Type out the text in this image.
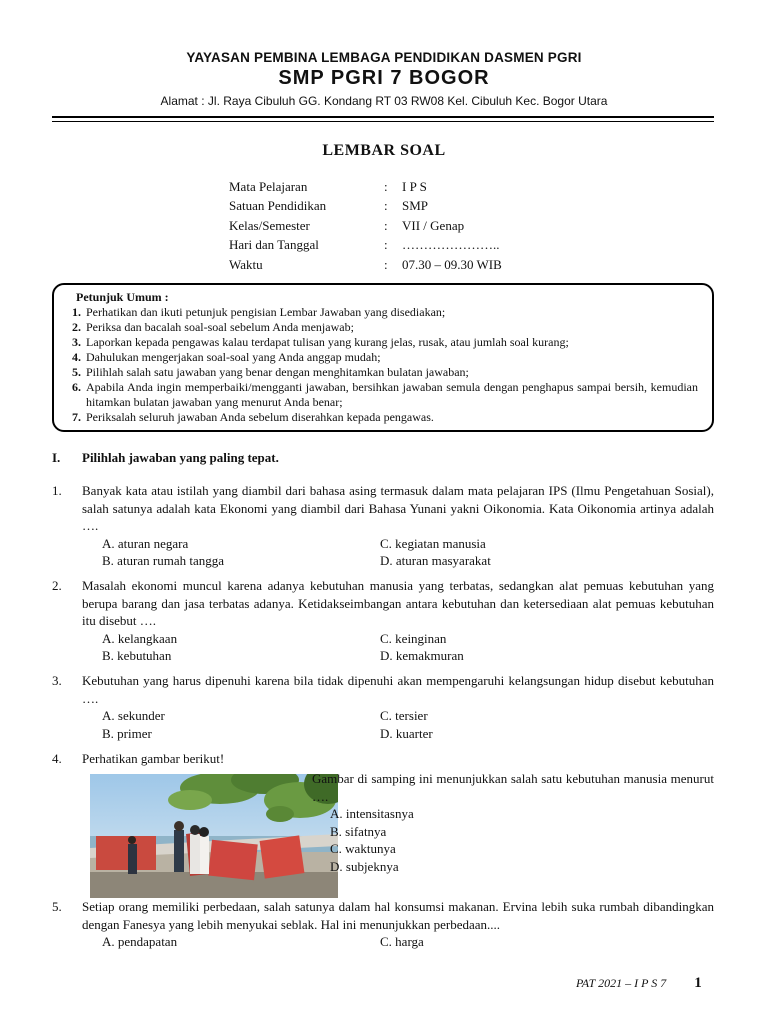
YAYASAN PEMBINA LEMBAGA PENDIDIKAN DASMEN PGRI
SMP PGRI 7 BOGOR
Alamat : Jl. Raya Cibuluh GG. Kondang RT 03 RW08 Kel. Cibuluh Kec. Bogor Utara
LEMBAR SOAL
Mata Pelajaran	:	I P S
Satuan Pendidikan	:	SMP
Kelas/Semester	:	VII / Genap
Hari dan Tanggal	:	…………………..
Waktu	:	07.30 – 09.30 WIB
Petunjuk Umum :
1. Perhatikan dan ikuti petunjuk pengisian Lembar Jawaban yang disediakan;
2. Periksa dan bacalah soal-soal sebelum Anda menjawab;
3. Laporkan kepada pengawas kalau terdapat tulisan yang kurang jelas, rusak, atau jumlah soal kurang;
4. Dahulukan mengerjakan soal-soal yang Anda anggap mudah;
5. Pilihlah salah satu jawaban yang benar dengan menghitamkan bulatan jawaban;
6. Apabila Anda ingin memperbaiki/mengganti jawaban, bersihkan jawaban semula dengan penghapus sampai bersih, kemudian hitamkan bulatan jawaban yang menurut Anda benar;
7. Periksalah seluruh jawaban Anda sebelum diserahkan kepada pengawas.
I.	Pilihlah jawaban yang paling tepat.
1.	Banyak kata atau istilah yang diambil dari bahasa asing termasuk dalam mata pelajaran IPS (Ilmu Pengetahuan Sosial), salah satunya adalah kata Ekonomi yang diambil dari Bahasa Yunani yakni Oikonomia. Kata Oikonomia artinya adalah ….
A. aturan negara	C. kegiatan manusia
B. aturan rumah tangga	D. aturan masyarakat
2.	Masalah ekonomi muncul karena adanya kebutuhan manusia yang terbatas, sedangkan alat pemuas kebutuhan yang berupa barang dan jasa terbatas adanya. Ketidakseimbangan antara kebutuhan dan ketersediaan alat pemuas kebutuhan itu disebut ….
A. kelangkaan	C. keinginan
B. kebutuhan	D. kemakmuran
3.	Kebutuhan yang harus dipenuhi karena bila tidak dipenuhi akan mempengaruhi kelangsungan hidup disebut kebutuhan ….
A. sekunder	C. tersier
B. primer	D. kuarter
4.	Perhatikan gambar berikut!
Gambar di samping ini menunjukkan salah satu kebutuhan manusia menurut ….
A. intensitasnya
B. sifatnya
C. waktunya
D. subjeknya
5.	Setiap orang memiliki perbedaan, salah satunya dalam hal konsumsi makanan. Ervina lebih suka rumbah dibandingkan dengan Fanesya yang lebih menyukai seblak. Hal ini menunjukkan perbedaan....
A. pendapatan	C. harga
PAT 2021 – I P S 7 1
